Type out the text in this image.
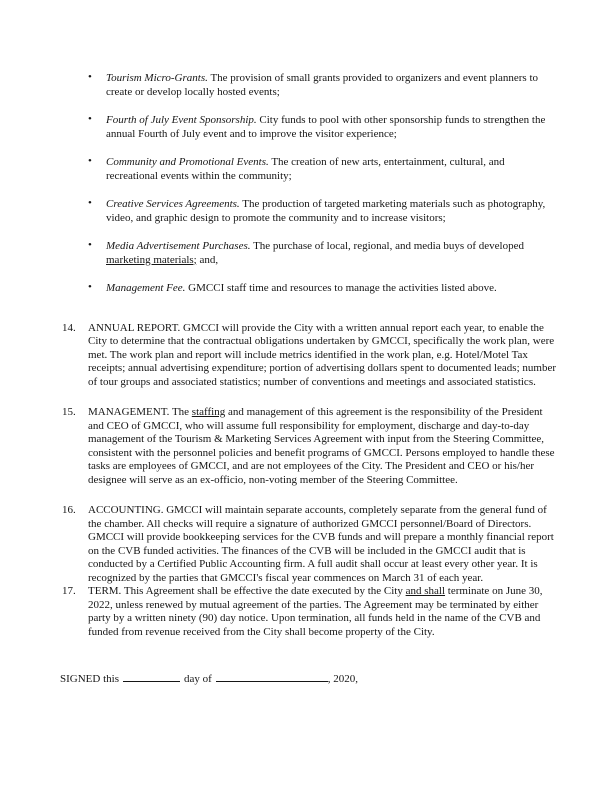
• Tourism Micro-Grants. The provision of small grants provided to organizers and event planners to create or develop locally hosted events;
• Fourth of July Event Sponsorship. City funds to pool with other sponsorship funds to strengthen the annual Fourth of July event and to improve the visitor experience;
• Community and Promotional Events. The creation of new arts, entertainment, cultural, and recreational events within the community;
• Creative Services Agreements. The production of targeted marketing materials such as photography, video, and graphic design to promote the community and to increase visitors;
• Media Advertisement Purchases. The purchase of local, regional, and media buys of developed marketing materials; and,
• Management Fee. GMCCI staff time and resources to manage the activities listed above.
14. ANNUAL REPORT. GMCCI will provide the City with a written annual report each year, to enable the City to determine that the contractual obligations undertaken by GMCCI, specifically the work plan, were met. The work plan and report will include metrics identified in the work plan, e.g. Hotel/Motel Tax receipts; annual advertising expenditure; portion of advertising dollars spent to documented leads; number of tour groups and associated statistics; number of conventions and meetings and associated statistics.
15. MANAGEMENT. The staffing and management of this agreement is the responsibility of the President and CEO of GMCCI, who will assume full responsibility for employment, discharge and day-to-day management of the Tourism & Marketing Services Agreement with input from the Steering Committee, consistent with the personnel policies and benefit programs of GMCCI. Persons employed to handle these tasks are employees of GMCCI, and are not employees of the City. The President and CEO or his/her designee will serve as an ex-officio, non-voting member of the Steering Committee.
16. ACCOUNTING. GMCCI will maintain separate accounts, completely separate from the general fund of the chamber. All checks will require a signature of authorized GMCCI personnel/Board of Directors. GMCCI will provide bookkeeping services for the CVB funds and will prepare a monthly financial report on the CVB funded activities. The finances of the CVB will be included in the GMCCI audit that is conducted by a Certified Public Accounting firm. A full audit shall occur at least every other year. It is recognized by the parties that GMCCI's fiscal year commences on March 31 of each year.
17. TERM. This Agreement shall be effective the date executed by the City and shall terminate on June 30, 2022, unless renewed by mutual agreement of the parties. The Agreement may be terminated by either party by a written ninety (90) day notice. Upon termination, all funds held in the name of the CVB and funded from revenue received from the City shall become property of the City.

SIGNED this	day of	, 2020,
